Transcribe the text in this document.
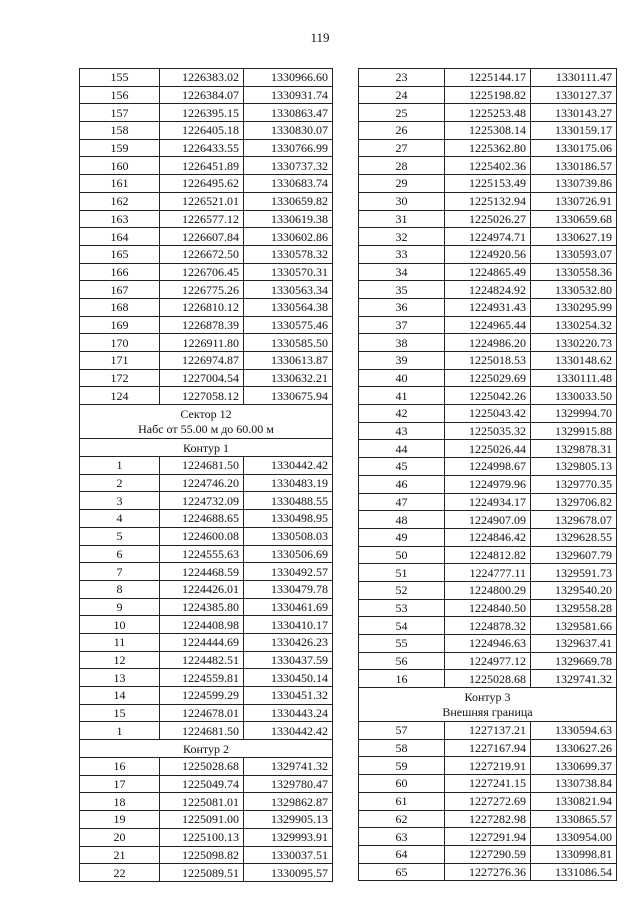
119
155	1226383.02	1330966.60
156	1226384.07	1330931.74
157	1226395.15	1330863.47
158	1226405.18	1330830.07
159	1226433.55	1330766.99
160	1226451.89	1330737.32
161	1226495.62	1330683.74
162	1226521.01	1330659.82
163	1226577.12	1330619.38
164	1226607.84	1330602.86
165	1226672.50	1330578.32
166	1226706.45	1330570.31
167	1226775.26	1330563.34
168	1226810.12	1330564.38
169	1226878.39	1330575.46
170	1226911.80	1330585.50
171	1226974.87	1330613.87
172	1227004.54	1330632.21
124	1227058.12	1330675.94

Сектор 12
Набс от 55.00 м до 60.00 м		

Контур 1		
1	1224681.50	1330442.42
2	1224746.20	1330483.19
3	1224732.09	1330488.55
4	1224688.65	1330498.95
5	1224600.08	1330508.03
6	1224555.63	1330506.69
7	1224468.59	1330492.57
8	1224426.01	1330479.78
9	1224385.80	1330461.69
10	1224408.98	1330410.17
11	1224444.69	1330426.23
12	1224482.51	1330437.59
13	1224559.81	1330450.14
14	1224599.29	1330451.32
15	1224678.01	1330443.24
1	1224681.50	1330442.42
Контур 2		
16	1225028.68	1329741.32
17	1225049.74	1329780.47
18	1225081.01	1329862.87
19	1225091.00	1329905.13
20	1225100.13	1329993.91
21	1225098.82	1330037.51
22	1225089.51	1330095.57
23	1225144.17	1330111.47
24	1225198.82	1330127.37
25	1225253.48	1330143.27
26	1225308.14	1330159.17
27	1225362.80	1330175.06
28	1225402.36	1330186.57
29	1225153.49	1330739.86
30	1225132.94	1330726.91
31	1225026.27	1330659.68
32	1224974.71	1330627.19
33	1224920.56	1330593.07
34	1224865.49	1330558.36
35	1224824.92	1330532.80
36	1224931.43	1330295.99
37	1224965.44	1330254.32
38	1224986.20	1330220.73
39	1225018.53	1330148.62
40	1225029.69	1330111.48
41	1225042.26	1330033.50
42	1225043.42	1329994.70
43	1225035.32	1329915.88
44	1225026.44	1329878.31
45	1224998.67	1329805.13
46	1224979.96	1329770.35
47	1224934.17	1329706.82
48	1224907.09	1329678.07
49	1224846.42	1329628.55
50	1224812.82	1329607.79
51	1224777.11	1329591.73
52	1224800.29	1329540.20
53	1224840.50	1329558.28
54	1224878.32	1329581.66
55	1224946.63	1329637.41
56	1224977.12	1329669.78
16	1225028.68	1329741.32

Контур 3
Внешняя граница		

57	1227137.21	1330594.63
58	1227167.94	1330627.26
59	1227219.91	1330699.37
60	1227241.15	1330738.84
61	1227272.69	1330821.94
62	1227282.98	1330865.57
63	1227291.94	1330954.00
64	1227290.59	1330998.81
65	1227276.36	1331086.54
